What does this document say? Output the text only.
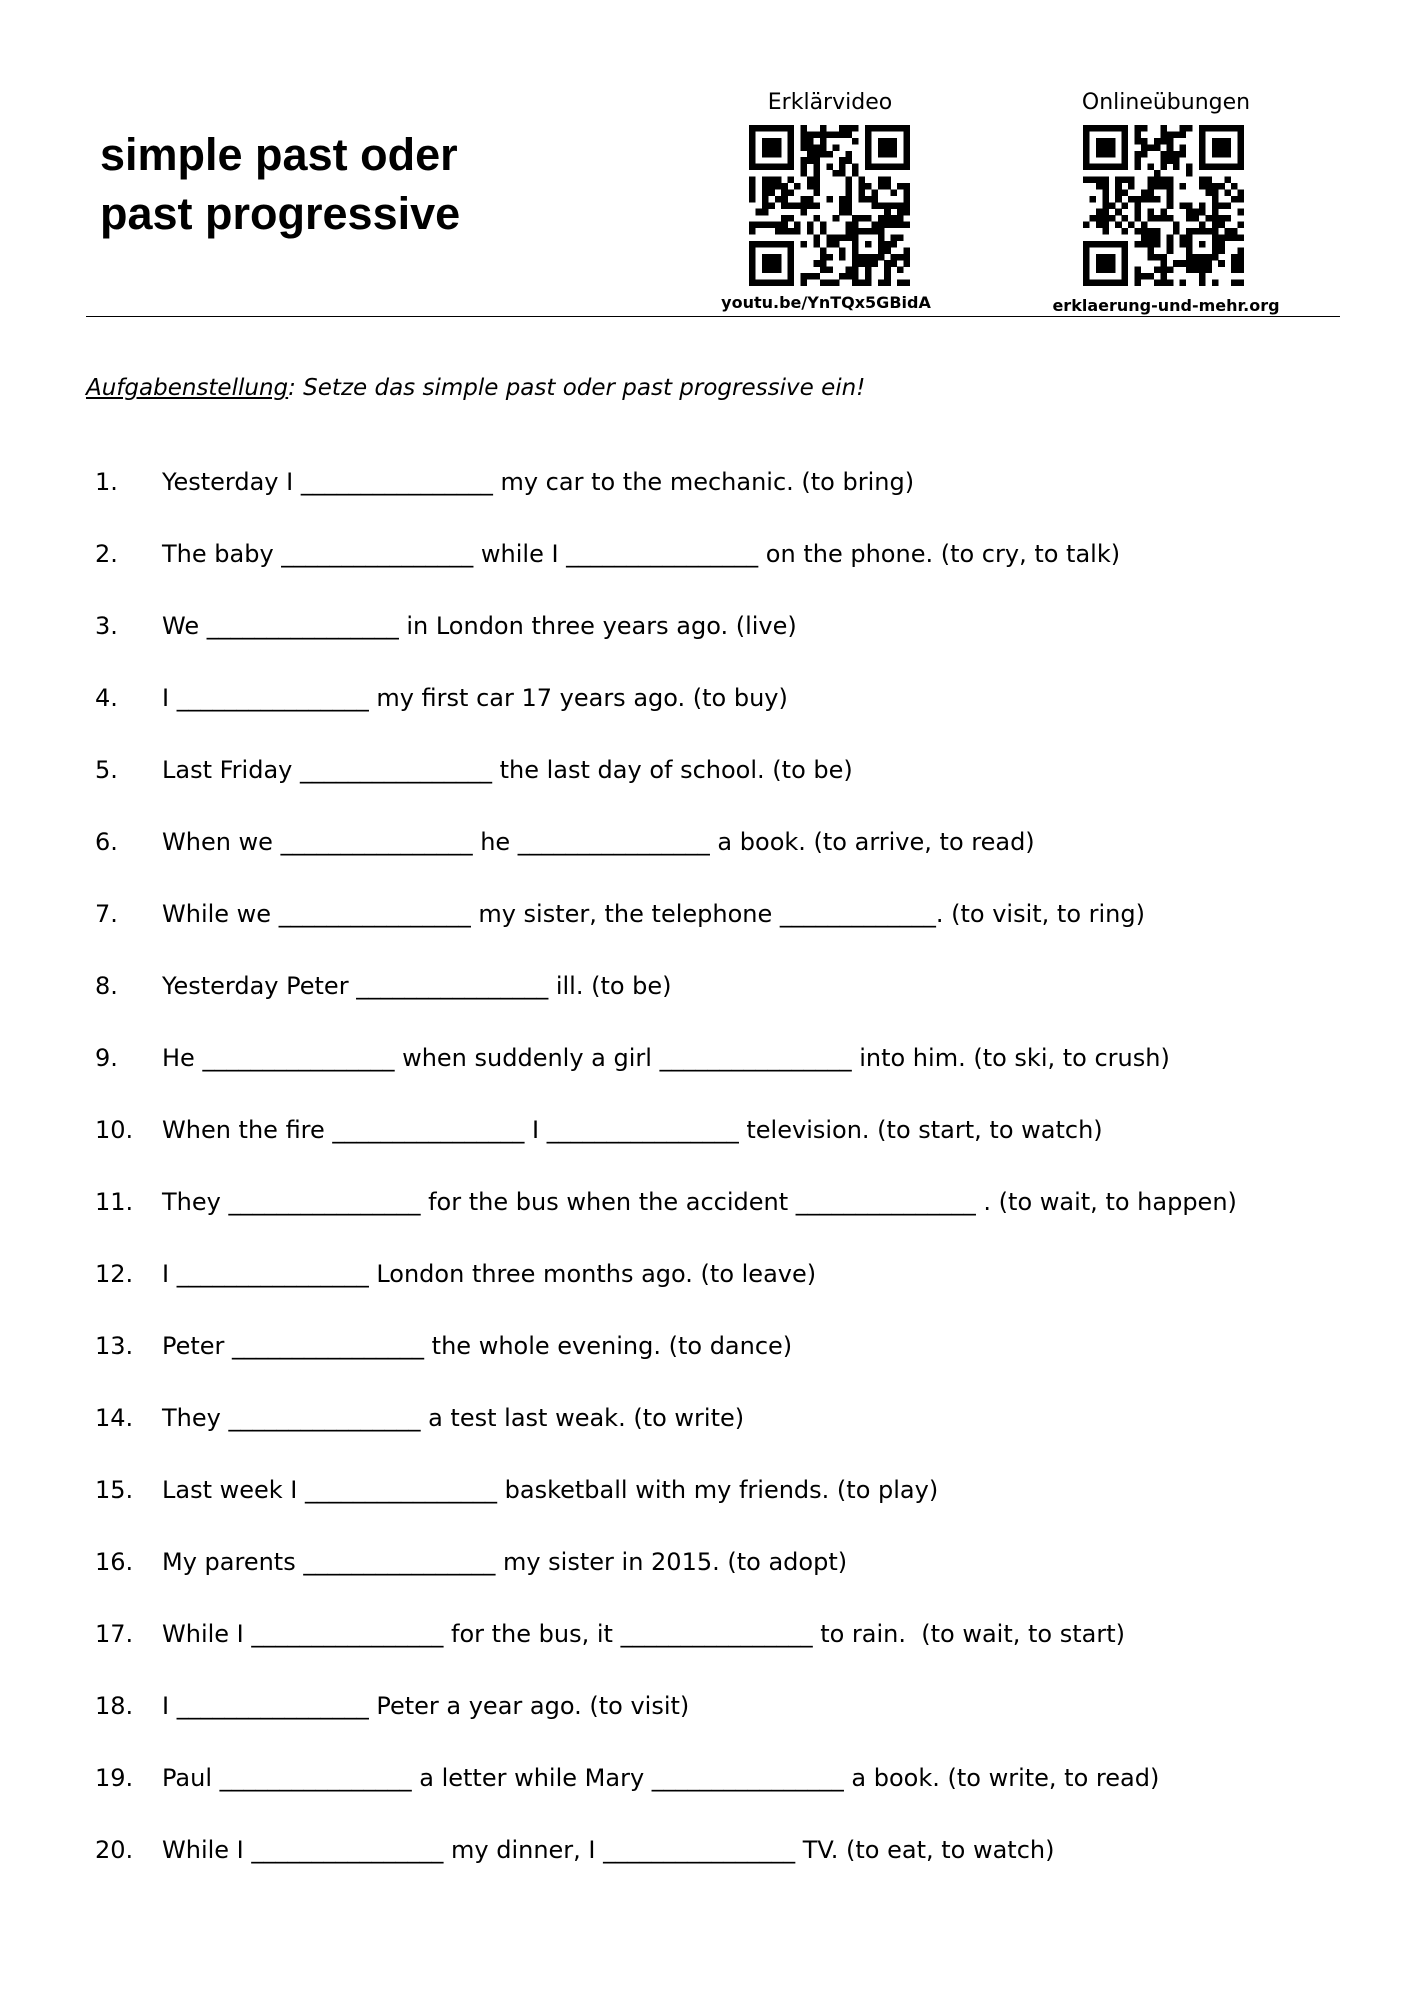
simple past oder
past progressive
Erklärvideo
youtu.be/YnTQx5GBidA
Onlineübungen
erklaerung-und-mehr.org
Aufgabenstellung: Setze das simple past oder past progressive ein!
1. Yesterday I ________________ my car to the mechanic. (to bring)
2. The baby ________________ while I ________________ on the phone. (to cry, to talk)
3. We ________________ in London three years ago. (live)
4. I ________________ my first car 17 years ago. (to buy)
5. Last Friday ________________ the last day of school. (to be)
6. When we ________________ he ________________ a book. (to arrive, to read)
7. While we ________________ my sister, the telephone _____________. (to visit, to ring)
8. Yesterday Peter ________________ ill. (to be)
9. He ________________ when suddenly a girl ________________ into him. (to ski, to crush)
10. When the fire ________________ I ________________ television. (to start, to watch)
11. They ________________ for the bus when the accident _______________ . (to wait, to happen)
12. I ________________ London three months ago. (to leave)
13. Peter ________________ the whole evening. (to dance)
14. They ________________ a test last weak. (to write)
15. Last week I ________________ basketball with my friends. (to play)
16. My parents ________________ my sister in 2015. (to adopt)
17. While I ________________ for the bus, it ________________ to rain.  (to wait, to start)
18. I ________________ Peter a year ago. (to visit)
19. Paul ________________ a letter while Mary ________________ a book. (to write, to read)
20. While I ________________ my dinner, I ________________ TV. (to eat, to watch)
